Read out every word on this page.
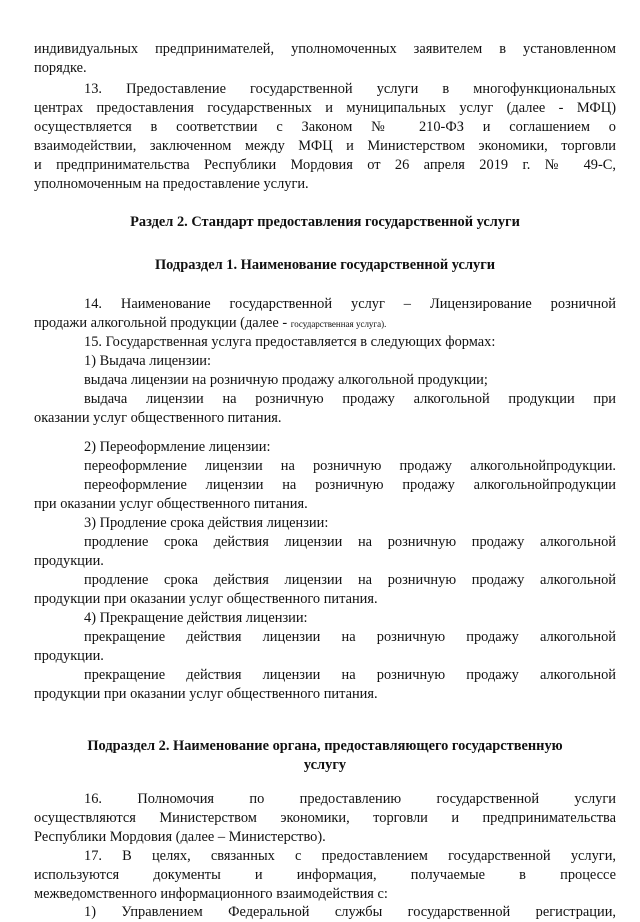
индивидуальных предпринимателей, уполномоченных заявителем в установленном
порядке.
13. Предоставление государственной услуги в многофункциональных
центрах предоставления государственных и муниципальных услуг (далее - МФЦ)
осуществляется в соответствии с Законом № 210-ФЗ и соглашением о
взаимодействии, заключенном между МФЦ и Министерством экономики, торговли
и предпринимательства Республики Мордовия от 26 апреля 2019 г. № 49-С,
уполномоченным на предоставление услуги.
Раздел 2. Стандарт предоставления государственной услуги
Подраздел 1. Наименование государственной услуги
14. Наименование государственной услуг – Лицензирование розничной
продажи алкогольной продукции (далее - государственная услуга).
15. Государственная услуга предоставляется в следующих формах:
1) Выдача лицензии:
выдача лицензии на розничную продажу алкогольной продукции;
выдача лицензии на розничную продажу алкогольной продукции при
оказании услуг общественного питания.
2) Переоформление лицензии:
переоформление лицензии на розничную продажу алкогольнойпродукции.
переоформление лицензии на розничную продажу алкогольнойпродукции
при оказании услуг общественного питания.
3) Продление срока действия лицензии:
продление срока действия лицензии на розничную продажу алкогольной
продукции.
продление срока действия лицензии на розничную продажу алкогольной
продукции при оказании услуг общественного питания.
4) Прекращение действия лицензии:
прекращение действия лицензии на розничную продажу алкогольной
продукции.
прекращение действия лицензии на розничную продажу алкогольной
продукции при оказании услуг общественного питания.
Подраздел 2. Наименование органа, предоставляющего государственную
услугу
16. Полномочия по предоставлению государственной услуги
осуществляются Министерством экономики, торговли и предпринимательства
Республики Мордовия (далее – Министерство).
17. В целях, связанных с предоставлением государственной услуги,
используются документы и информация, получаемые в процессе
межведомственного информационного взаимодействия с:
1) Управлением Федеральной службы государственной регистрации,
